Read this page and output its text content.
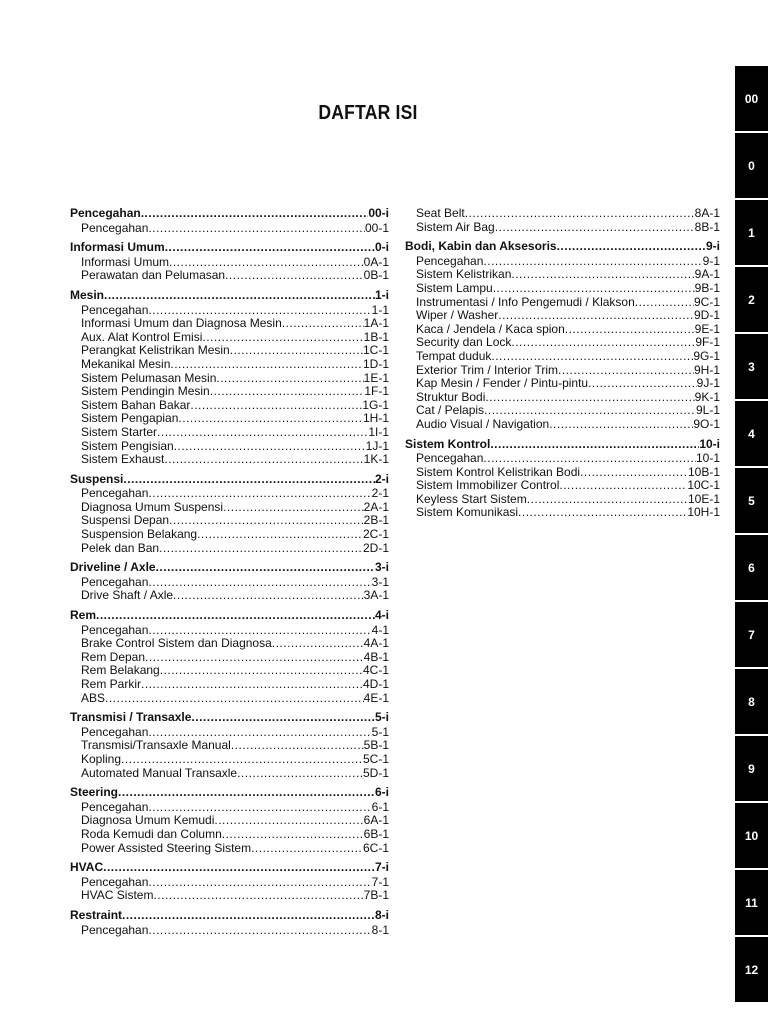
DAFTAR ISI
Pencegahan .....	00-i
Pencegahan .....	00-1
Informasi Umum .....	0-i
Informasi Umum .....	0A-1
Perawatan dan Pelumasan .....	0B-1
Mesin .....	1-i
Pencegahan .....	1-1
Informasi Umum dan Diagnosa Mesin .....	1A-1
Aux. Alat Kontrol Emisi .....	1B-1
Perangkat Kelistrikan Mesin .....	1C-1
Mekanikal Mesin .....	1D-1
Sistem Pelumasan Mesin .....	1E-1
Sistem Pendingin Mesin .....	1F-1
Sistem Bahan Bakar .....	1G-1
Sistem Pengapian .....	1H-1
Sistem Starter .....	1I-1
Sistem Pengisian .....	1J-1
Sistem Exhaust .....	1K-1
Suspensi .....	2-i
Pencegahan .....	2-1
Diagnosa Umum Suspensi .....	2A-1
Suspensi Depan .....	2B-1
Suspension Belakang .....	2C-1
Pelek dan Ban .....	2D-1
Driveline / Axle .....	3-i
Pencegahan .....	3-1
Drive Shaft / Axle .....	3A-1
Rem .....	4-i
Pencegahan .....	4-1
Brake Control Sistem dan Diagnosa .....	4A-1
Rem Depan .....	4B-1
Rem Belakang .....	4C-1
Rem Parkir .....	4D-1
ABS .....	4E-1
Transmisi / Transaxle .....	5-i
Pencegahan .....	5-1
Transmisi/Transaxle Manual .....	5B-1
Kopling .....	5C-1
Automated Manual Transaxle .....	5D-1
Steering .....	6-i
Pencegahan .....	6-1
Diagnosa Umum Kemudi .....	6A-1
Roda Kemudi dan Column .....	6B-1
Power Assisted Steering Sistem .....	6C-1
HVAC .....	7-i
Pencegahan .....	7-1
HVAC Sistem .....	7B-1
Restraint .....	8-i
Pencegahan .....	8-1
Seat Belt .....	8A-1
Sistem Air Bag .....	8B-1
Bodi, Kabin dan Aksesoris .....	9-i
Pencegahan .....	9-1
Sistem Kelistrikan .....	9A-1
Sistem Lampu .....	9B-1
Instrumentasi / Info Pengemudi / Klakson .....	9C-1
Wiper / Washer .....	9D-1
Kaca / Jendela / Kaca spion .....	9E-1
Security dan Lock .....	9F-1
Tempat duduk .....	9G-1
Exterior Trim / Interior Trim .....	9H-1
Kap Mesin / Fender / Pintu-pintu .....	9J-1
Struktur Bodi .....	9K-1
Cat / Pelapis .....	9L-1
Audio Visual / Navigation .....	9O-1
Sistem Kontrol .....	10-i
Pencegahan .....	10-1
Sistem Kontrol Kelistrikan Bodi .....	10B-1
Sistem Immobilizer Control .....	10C-1
Keyless Start Sistem .....	10E-1
Sistem Komunikasi .....	10H-1
00
0
1
2
3
4
5
6
7
8
9
10
11
12
